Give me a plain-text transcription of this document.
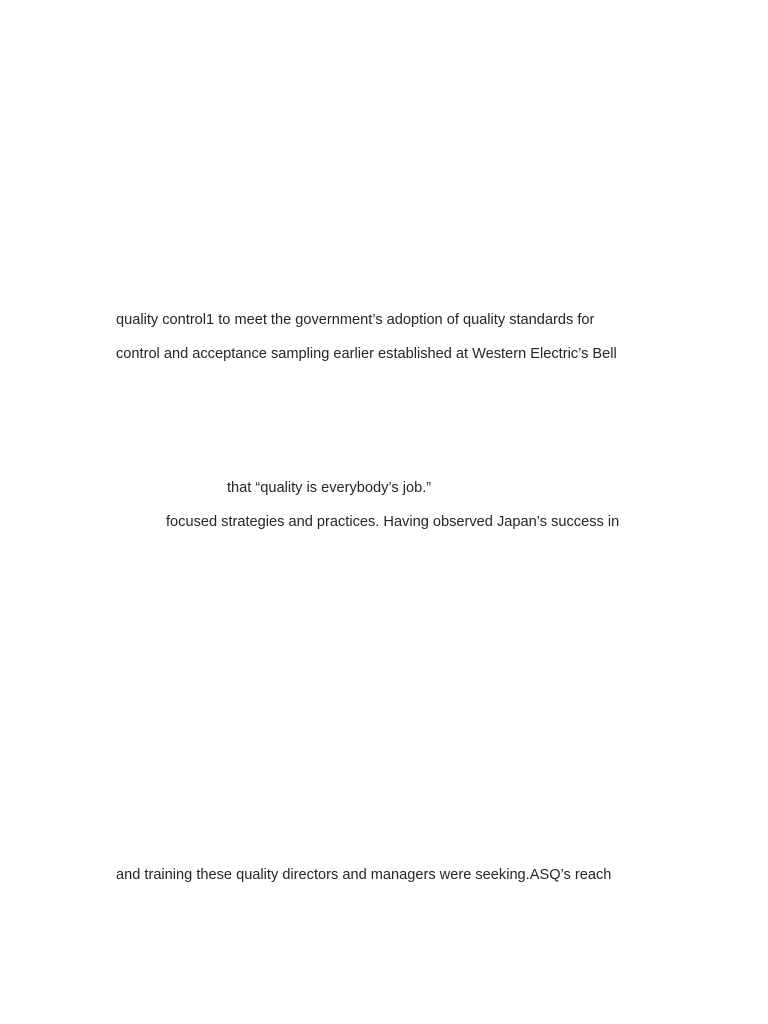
quality control1 to meet the government’s adoption of quality standards for
control and acceptance sampling earlier established at Western Electric’s Bell
that “quality is everybody’s job.”
focused strategies and practices. Having observed Japan’s success in
and training these quality directors and managers were seeking.ASQ’s reach
